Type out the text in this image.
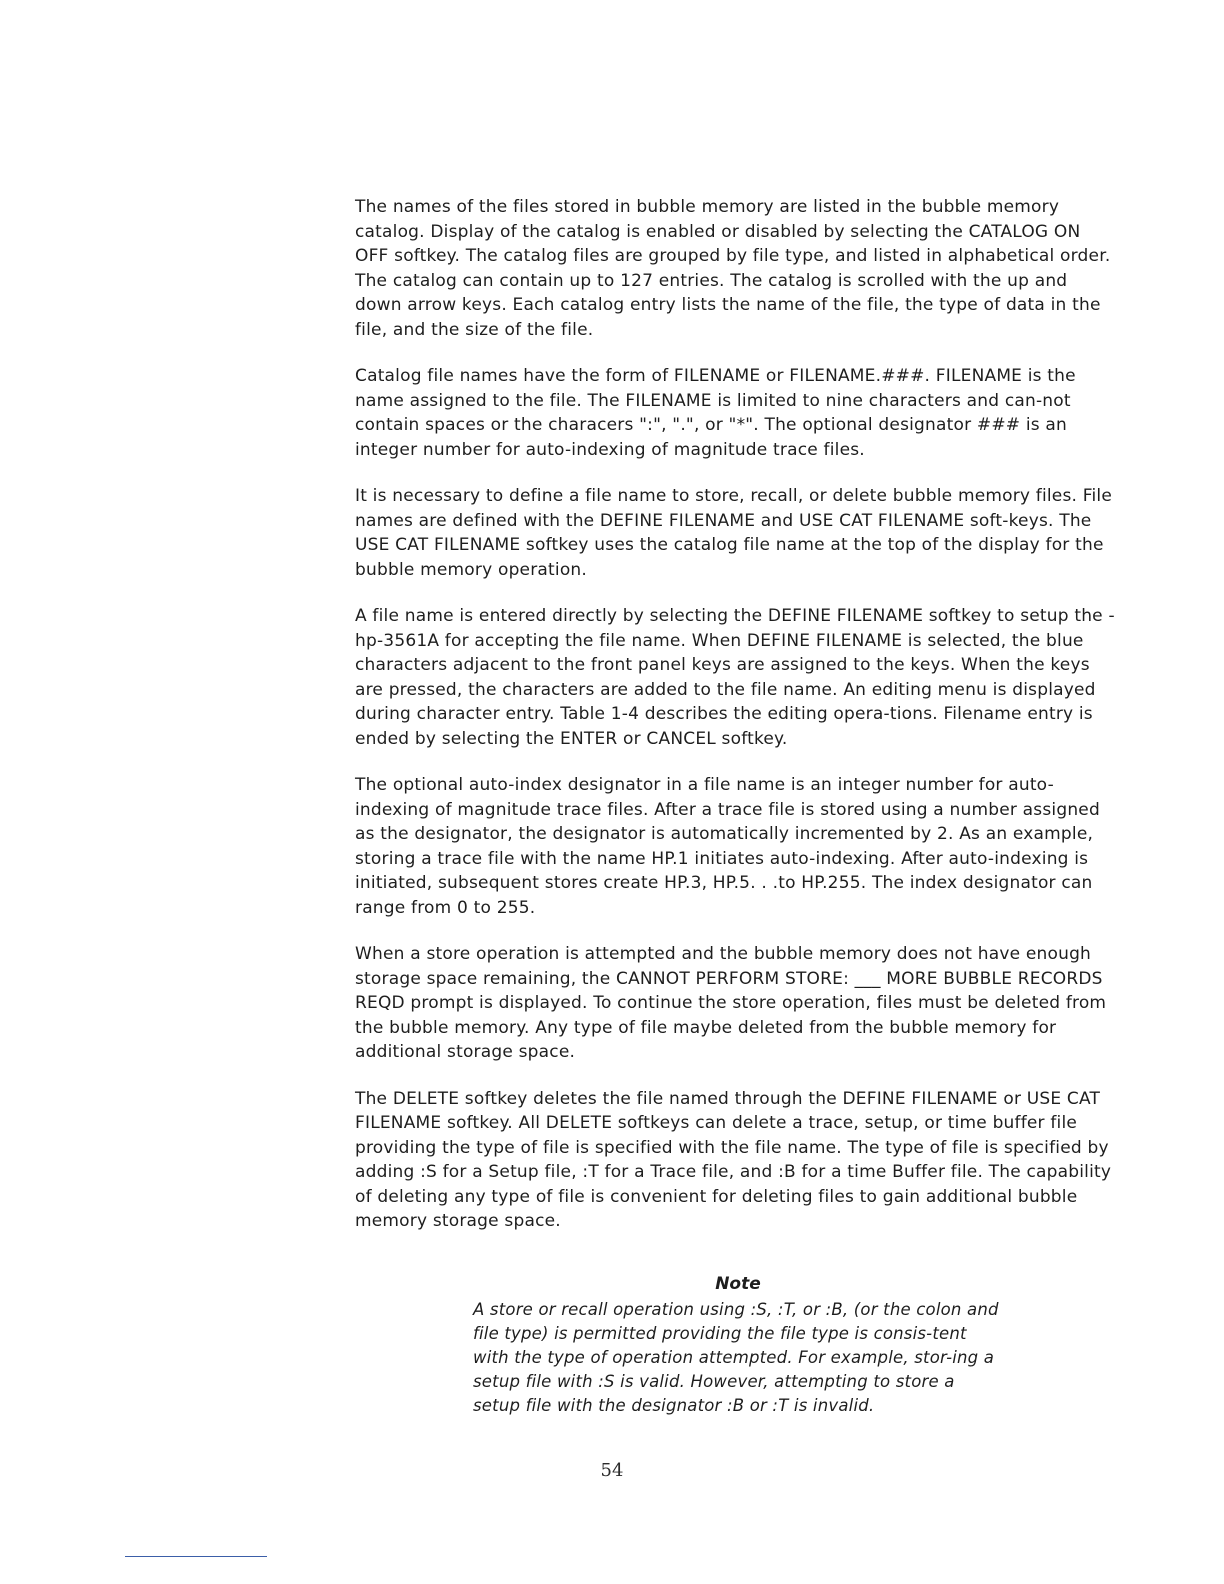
The names of the files stored in bubble memory are listed in the bubble memory catalog. Display of the catalog is enabled or disabled by selecting the CATALOG ON OFF softkey. The catalog files are grouped by file type, and listed in alphabetical order. The catalog can contain up to 127 entries. The catalog is scrolled with the up and down arrow keys. Each catalog entry lists the name of the file, the type of data in the file, and the size of the file.

Catalog file names have the form of FILENAME or FILENAME.###. FILENAME is the name assigned to the file. The FILENAME is limited to nine characters and can-not contain spaces or the characers ":", ".", or "*". The optional designator ### is an integer number for auto-indexing of magnitude trace files.

It is necessary to define a file name to store, recall, or delete bubble memory files. File names are defined with the DEFINE FILENAME and USE CAT FILENAME soft-keys. The USE CAT FILENAME softkey uses the catalog file name at the top of the display for the bubble memory operation.

A file name is entered directly by selecting the DEFINE FILENAME softkey to setup the -hp-3561A for accepting the file name. When DEFINE FILENAME is selected, the blue characters adjacent to the front panel keys are assigned to the keys. When the keys are pressed, the characters are added to the file name. An editing menu is displayed during character entry. Table 1-4 describes the editing opera-tions. Filename entry is ended by selecting the ENTER or CANCEL softkey.

The optional auto-index designator in a file name is an integer number for auto-indexing of magnitude trace files. After a trace file is stored using a number assigned as the designator, the designator is automatically incremented by 2. As an example, storing a trace file with the name HP.1 initiates auto-indexing. After auto-indexing is initiated, subsequent stores create HP.3, HP.5. . .to HP.255. The index designator can range from 0 to 255.

When a store operation is attempted and the bubble memory does not have enough storage space remaining, the CANNOT PERFORM STORE: ___ MORE BUBBLE RECORDS REQD prompt is displayed. To continue the store operation, files must be deleted from the bubble memory. Any type of file maybe deleted from the bubble memory for additional storage space.

The DELETE softkey deletes the file named through the DEFINE FILENAME or USE CAT FILENAME softkey. All DELETE softkeys can delete a trace, setup, or time buffer file providing the type of file is specified with the file name. The type of file is specified by adding :S for a Setup file, :T for a Trace file, and :B for a time Buffer file. The capability of deleting any type of file is convenient for deleting files to gain additional bubble memory storage space.

Note

A store or recall operation using :S, :T, or :B, (or the colon and file type) is permitted providing the file type is consis-tent with the type of operation attempted. For example, stor-ing a setup file with :S is valid. However, attempting to store a setup file with the designator :B or :T is invalid.

54
